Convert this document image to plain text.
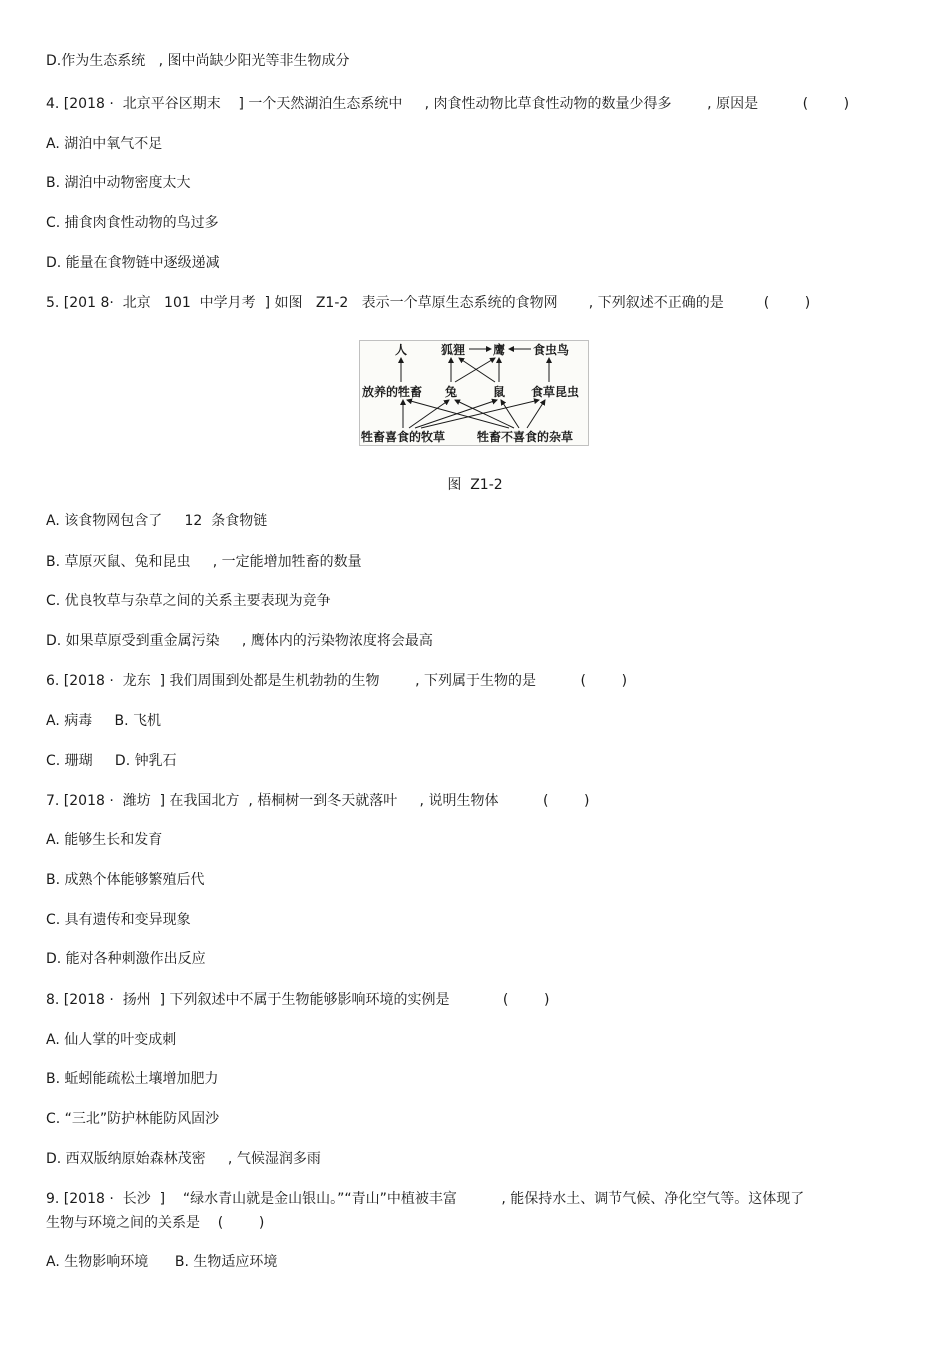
D.作为生态系统   , 图中尚缺少阳光等非生物成分
4. [2018 ·  北京平谷区期末    ] 一个天然湖泊生态系统中     , 肉食性动物比草食性动物的数量少得多        , 原因是          (        )
A. 湖泊中氧气不足
B. 湖泊中动物密度太大
C. 捕食肉食性动物的鸟过多
D. 能量在食物链中逐级递减
5. [201 8·  北京   101  中学月考  ] 如图   Z1-2   表示一个草原生态系统的食物网       , 下列叙述不正确的是         (        )
A. 该食物网包含了     12  条食物链
B. 草原灭鼠、兔和昆虫     , 一定能增加牲畜的数量
C. 优良牧草与杂草之间的关系主要表现为竞争
D. 如果草原受到重金属污染     , 鹰体内的污染物浓度将会最高
6. [2018 ·  龙东  ] 我们周围到处都是生机勃勃的生物        , 下列属于生物的是          (        )
A. 病毒     B. 飞机
C. 珊瑚     D. 钟乳石
7. [2018 ·  潍坊  ] 在我国北方  , 梧桐树一到冬天就落叶     , 说明生物体          (        )
A. 能够生长和发育
B. 成熟个体能够繁殖后代
C. 具有遗传和变异现象
D. 能对各种刺激作出反应
8. [2018 ·  扬州  ] 下列叙述中不属于生物能够影响环境的实例是            (        )
A. 仙人掌的叶变成刺
B. 蚯蚓能疏松土壤增加肥力
C. “三北”防护林能防风固沙
D. 西双版纳原始森林茂密     , 气候湿润多雨
9. [2018 ·  长沙  ]    “绿水青山就是金山银山。”“青山”中植被丰富          , 能保持水土、调节气候、净化空气等。这体现了
生物与环境之间的关系是    (        )
A. 生物影响环境      B. 生物适应环境
人	狐狸 鹰 食虫鸟
放养的牲畜 兔	鼠 食草昆虫
牲畜喜食的牧草	牲畜不喜食的杂草
图  Z1-2
